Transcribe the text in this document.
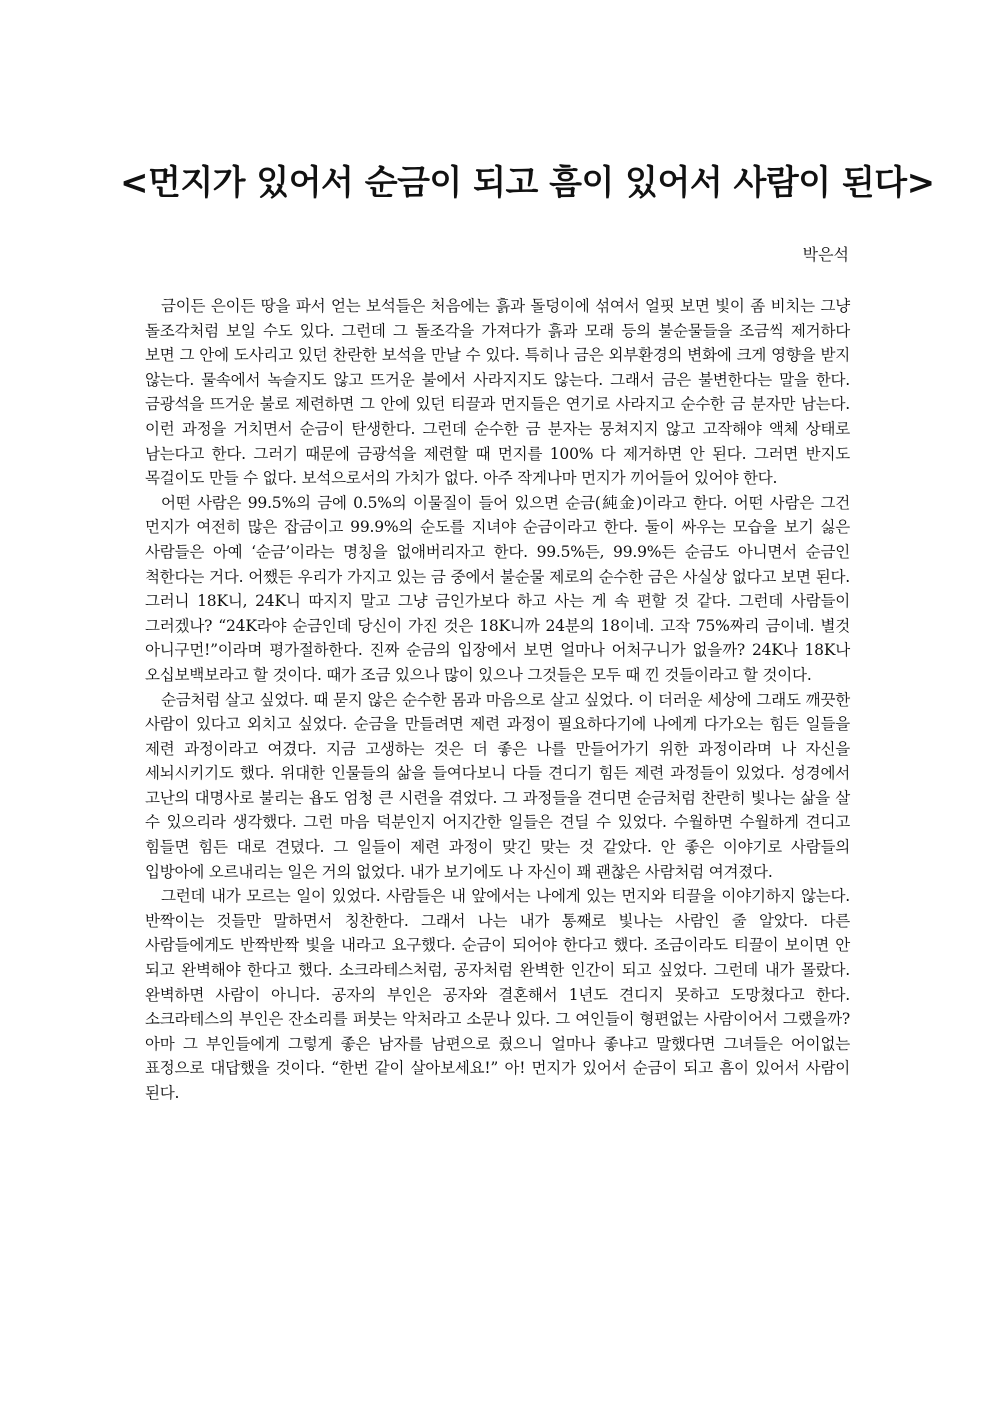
<먼지가 있어서 순금이 되고 흠이 있어서 사람이 된다>

박은석

금이든 은이든 땅을 파서 얻는 보석들은 처음에는 흙과 돌덩이에 섞여서 얼핏 보면 빛이 좀 비치는 그냥 돌조각처럼 보일 수도 있다. 그런데 그 돌조각을 가져다가 흙과 모래 등의 불순물들을 조금씩 제거하다 보면 그 안에 도사리고 있던 찬란한 보석을 만날 수 있다. 특히나 금은 외부환경의 변화에 크게 영향을 받지 않는다. 물속에서 녹슬지도 않고 뜨거운 불에서 사라지지도 않는다. 그래서 금은 불변한다는 말을 한다. 금광석을 뜨거운 불로 제련하면 그 안에 있던 티끌과 먼지들은 연기로 사라지고 순수한 금 분자만 남는다. 이런 과정을 거치면서 순금이 탄생한다. 그런데 순수한 금 분자는 뭉쳐지지 않고 고작해야 액체 상태로 남는다고 한다. 그러기 때문에 금광석을 제련할 때 먼지를 100% 다 제거하면 안 된다. 그러면 반지도 목걸이도 만들 수 없다. 보석으로서의 가치가 없다. 아주 작게나마 먼지가 끼어들어 있어야 한다.

어떤 사람은 99.5%의 금에 0.5%의 이물질이 들어 있으면 순금(純金)이라고 한다. 어떤 사람은 그건 먼지가 여전히 많은 잡금이고 99.9%의 순도를 지녀야 순금이라고 한다. 둘이 싸우는 모습을 보기 싫은 사람들은 아예 ‘순금’이라는 명칭을 없애버리자고 한다. 99.5%든, 99.9%든 순금도 아니면서 순금인 척한다는 거다. 어쨌든 우리가 가지고 있는 금 중에서 불순물 제로의 순수한 금은 사실상 없다고 보면 된다. 그러니 18K니, 24K니 따지지 말고 그냥 금인가보다 하고 사는 게 속 편할 것 같다. 그런데 사람들이 그러겠나? “24K라야 순금인데 당신이 가진 것은 18K니까 24분의 18이네. 고작 75%짜리 금이네. 별것 아니구먼!”이라며 평가절하한다. 진짜 순금의 입장에서 보면 얼마나 어처구니가 없을까? 24K나 18K나 오십보백보라고 할 것이다. 때가 조금 있으나 많이 있으나 그것들은 모두 때 낀 것들이라고 할 것이다.

순금처럼 살고 싶었다. 때 묻지 않은 순수한 몸과 마음으로 살고 싶었다. 이 더러운 세상에 그래도 깨끗한 사람이 있다고 외치고 싶었다. 순금을 만들려면 제련 과정이 필요하다기에 나에게 다가오는 힘든 일들을 제련 과정이라고 여겼다. 지금 고생하는 것은 더 좋은 나를 만들어가기 위한 과정이라며 나 자신을 세뇌시키기도 했다. 위대한 인물들의 삶을 들여다보니 다들 견디기 힘든 제련 과정들이 있었다. 성경에서 고난의 대명사로 불리는 욥도 엄청 큰 시련을 겪었다. 그 과정들을 견디면 순금처럼 찬란히 빛나는 삶을 살 수 있으리라 생각했다. 그런 마음 덕분인지 어지간한 일들은 견딜 수 있었다. 수월하면 수월하게 견디고 힘들면 힘든 대로 견뎠다. 그 일들이 제련 과정이 맞긴 맞는 것 같았다. 안 좋은 이야기로 사람들의 입방아에 오르내리는 일은 거의 없었다. 내가 보기에도 나 자신이 꽤 괜찮은 사람처럼 여겨졌다.

그런데 내가 모르는 일이 있었다. 사람들은 내 앞에서는 나에게 있는 먼지와 티끌을 이야기하지 않는다. 반짝이는 것들만 말하면서 칭찬한다. 그래서 나는 내가 통째로 빛나는 사람인 줄 알았다. 다른 사람들에게도 반짝반짝 빛을 내라고 요구했다. 순금이 되어야 한다고 했다. 조금이라도 티끌이 보이면 안 되고 완벽해야 한다고 했다. 소크라테스처럼, 공자처럼 완벽한 인간이 되고 싶었다. 그런데 내가 몰랐다. 완벽하면 사람이 아니다. 공자의 부인은 공자와 결혼해서 1년도 견디지 못하고 도망쳤다고 한다. 소크라테스의 부인은 잔소리를 퍼붓는 악처라고 소문나 있다. 그 여인들이 형편없는 사람이어서 그랬을까? 아마 그 부인들에게 그렇게 좋은 남자를 남편으로 줬으니 얼마나 좋냐고 말했다면 그녀들은 어이없는 표정으로 대답했을 것이다. “한번 같이 살아보세요!” 아! 먼지가 있어서 순금이 되고 흠이 있어서 사람이 된다.
